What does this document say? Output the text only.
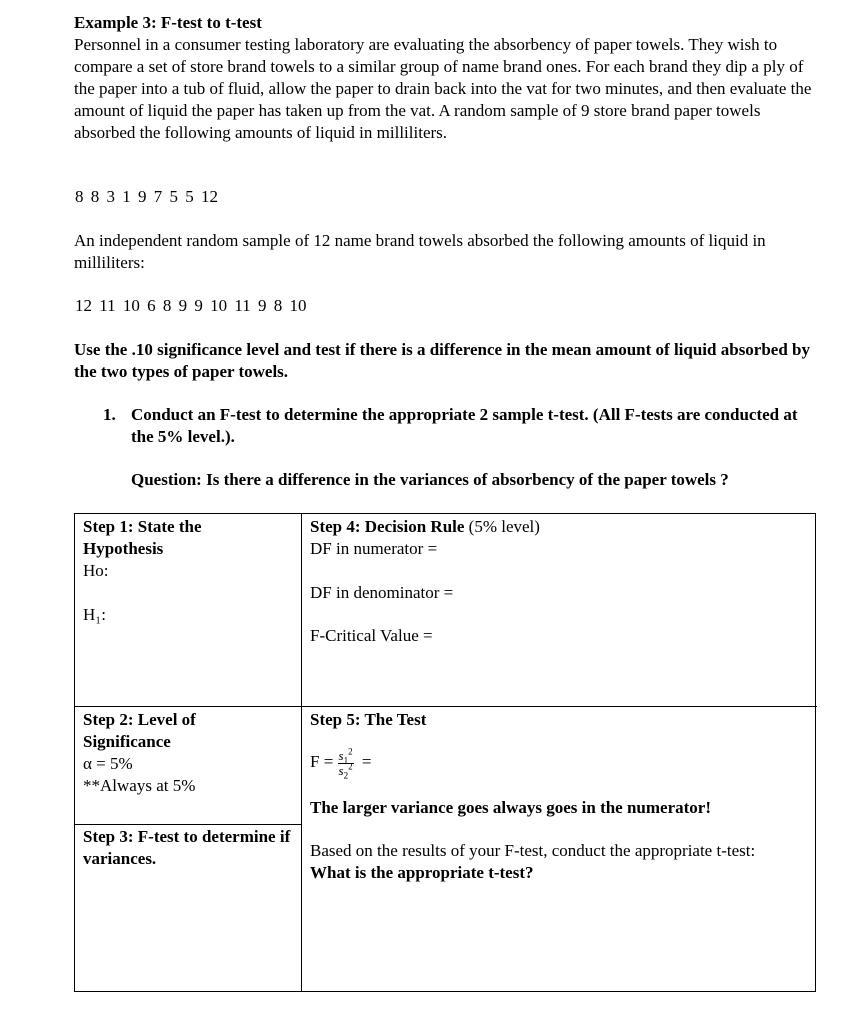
Example 3: F-test to t-test
Personnel in a consumer testing laboratory are evaluating the absorbency of paper towels. They wish to compare a set of store brand towels to a similar group of name brand ones. For each brand they dip a ply of the paper into a tub of fluid, allow the paper to drain back into the vat for two minutes, and then evaluate the amount of liquid the paper has taken up from the vat. A random sample of 9 store brand paper towels absorbed the following amounts of liquid in milliliters.
8 8 3 1 9 7 5 5 12
An independent random sample of 12 name brand towels absorbed the following amounts of liquid in milliliters:
12 11 10 6 8 9 9 10 11 9 8 10
Use the .10 significance level and test if there is a difference in the mean amount of liquid absorbed by the two types of paper towels.
1. Conduct an F-test to determine the appropriate 2 sample t-test. (All F-tests are conducted at the 5% level.).
Question: Is there a difference in the variances of absorbency of the paper towels ?
Step 1: State the Hypothesis
Ho:
H₁:
Step 4: Decision Rule (5% level)
DF in numerator =
DF in denominator =
F-Critical Value =
Step 2: Level of Significance
α = 5%
**Always at 5%
Step 3: F-test to determine if variances.
Step 5: The Test
$F = \frac{s_1^2}{s_2^2}$ =
The larger variance goes always goes in the numerator!
Based on the results of your F-test, conduct the appropriate t-test:
What is the appropriate t-test?
